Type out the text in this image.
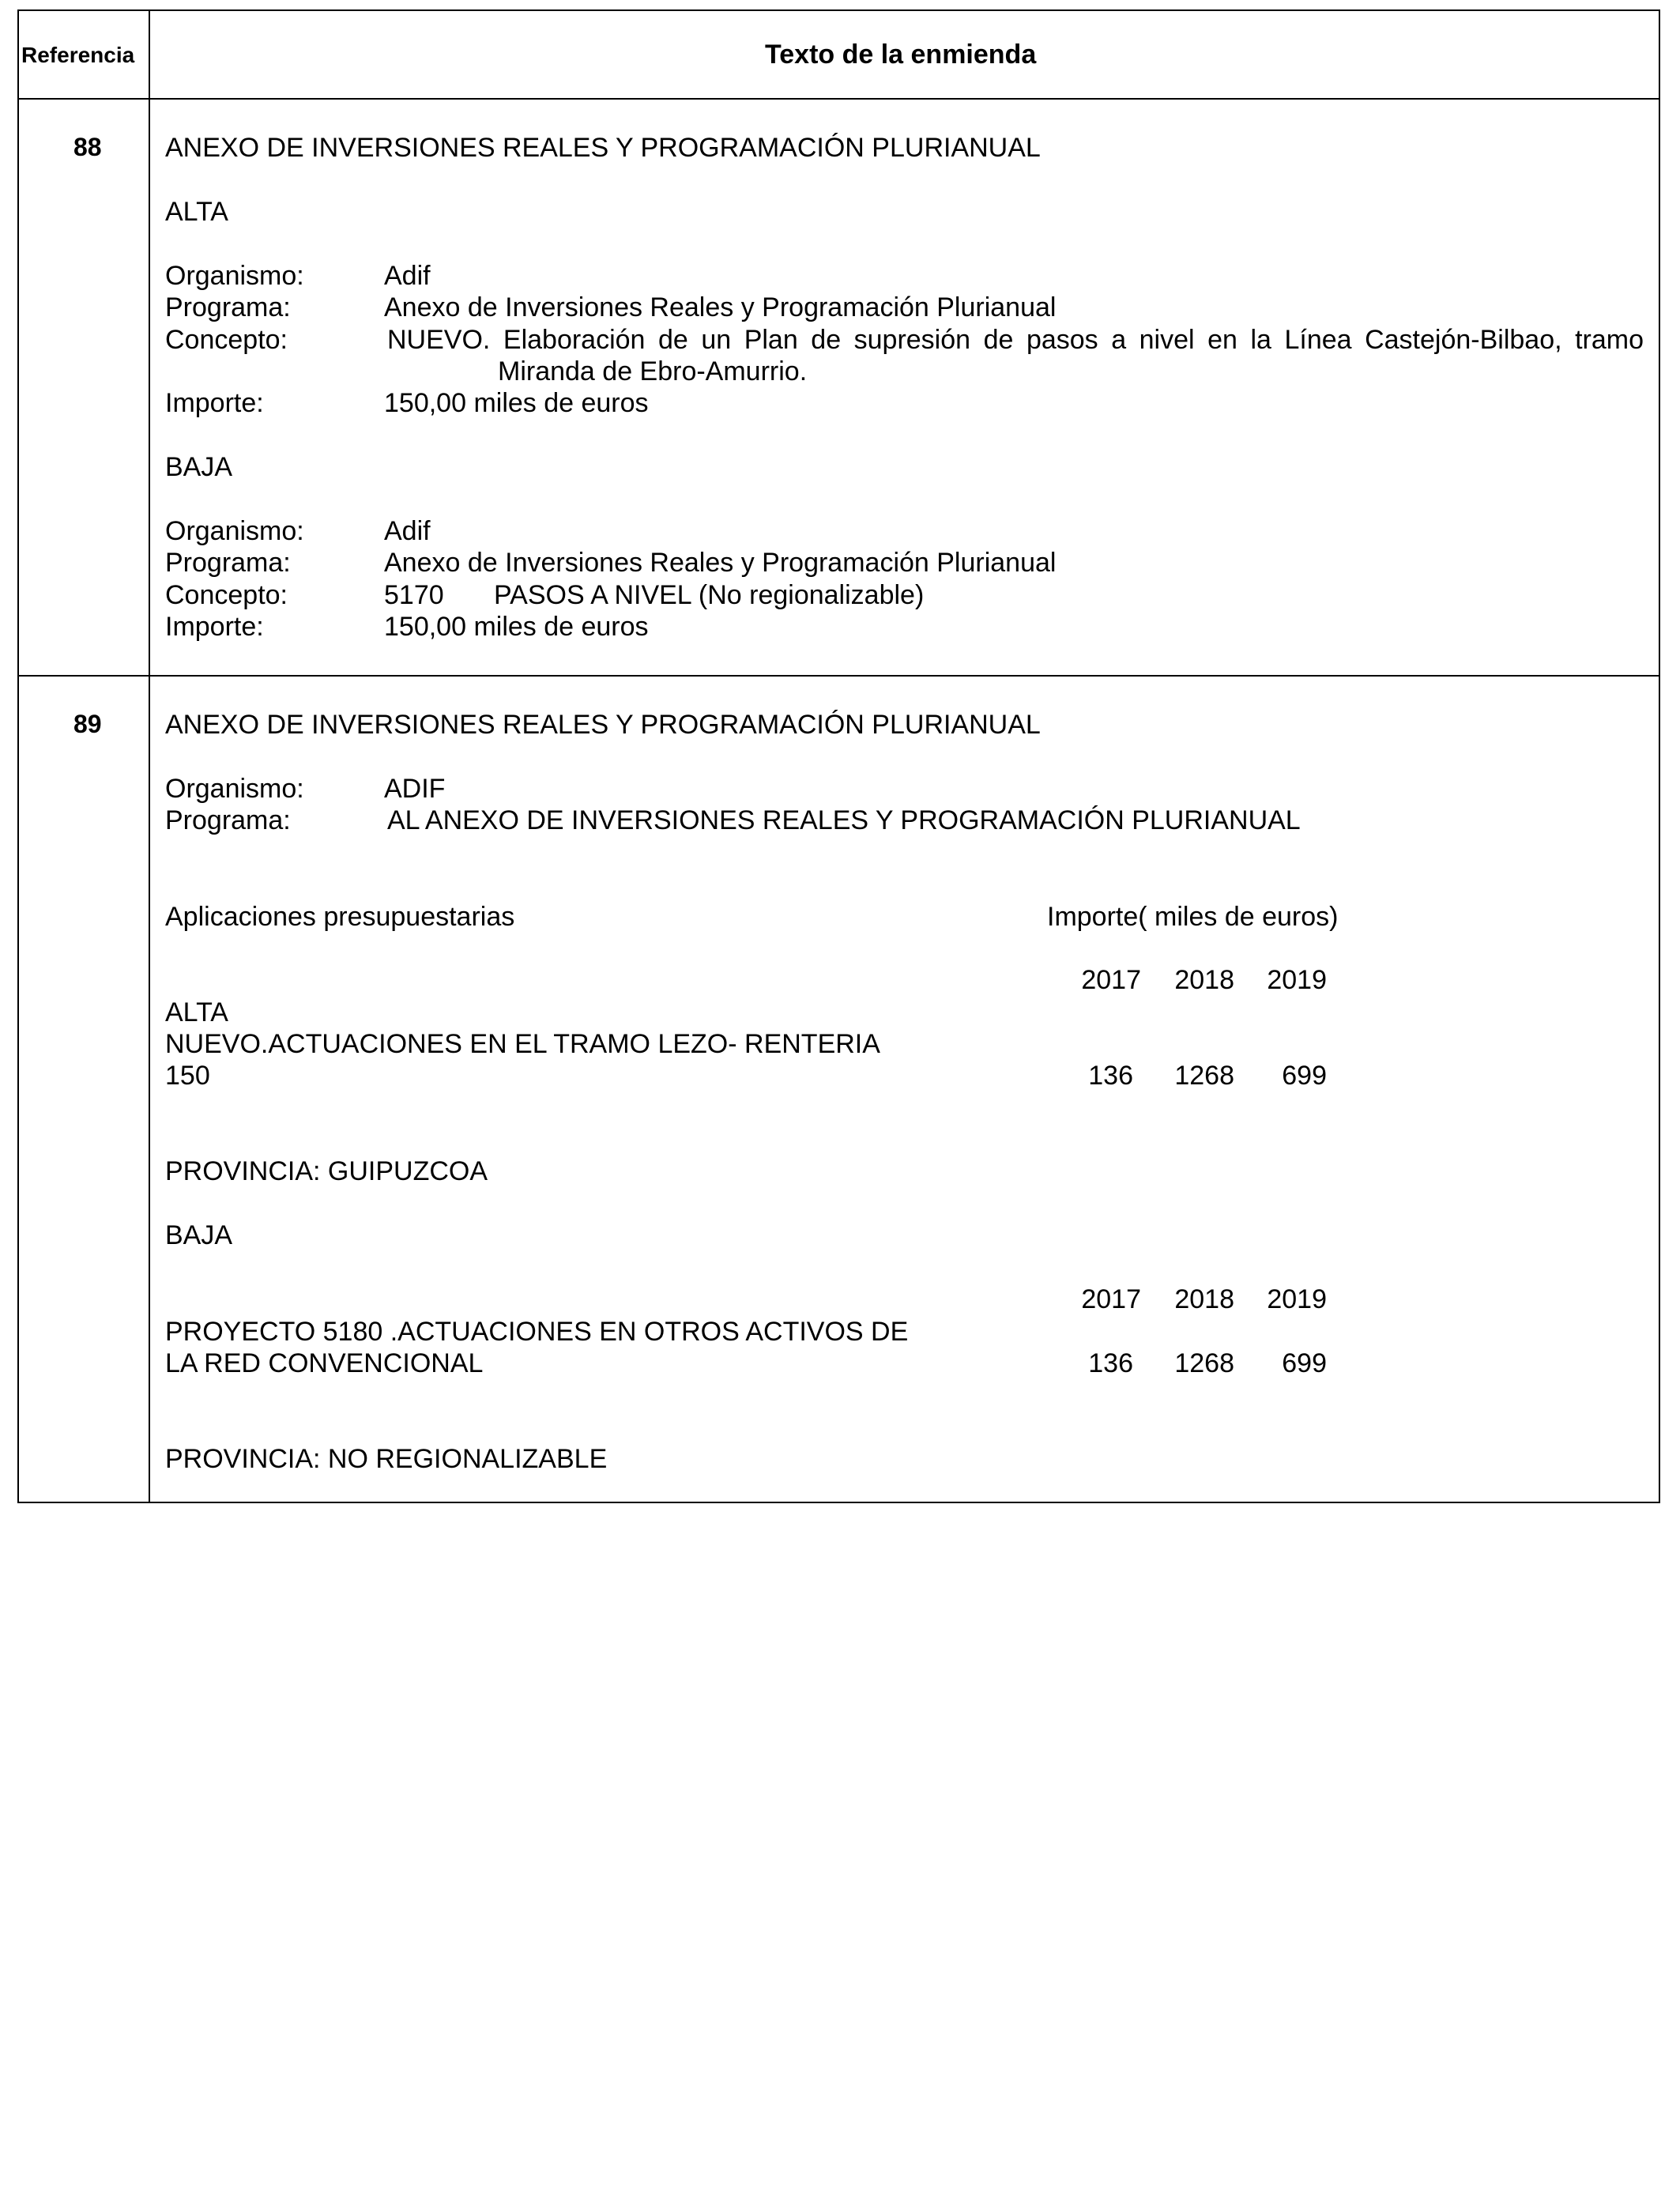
Referencia	Texto de la enmienda
88 ANEXO DE INVERSIONES REALES Y PROGRAMACIÓN PLURIANUAL
ALTA
Organismo:	Adif
Programa:	Anexo de Inversiones Reales y Programación Plurianual
Concepto:	NUEVO. Elaboración de un Plan de supresión de pasos a nivel en la Línea Castejón-Bilbao, tramo
Miranda de Ebro-Amurrio.
Importe:	150,00 miles de euros
BAJA
Organismo:	Adif
Programa:	Anexo de Inversiones Reales y Programación Plurianual
Concepto:	5170 PASOS A NIVEL (No regionalizable)
Importe:	150,00 miles de euros
89 ANEXO DE INVERSIONES REALES Y PROGRAMACIÓN PLURIANUAL
Organismo:	ADIF
Programa:	AL ANEXO DE INVERSIONES REALES Y PROGRAMACIÓN PLURIANUAL
Aplicaciones presupuestarias	Importe( miles de euros)
2017	2018	2019
ALTA
NUEVO.ACTUACIONES EN EL TRAMO LEZO- RENTERIA
150	136	1268	699
PROVINCIA: GUIPUZCOA
BAJA
2017	2018	2019
PROYECTO 5180 .ACTUACIONES EN OTROS ACTIVOS DE
LA RED CONVENCIONAL	136	1268	699
PROVINCIA: NO REGIONALIZABLE
